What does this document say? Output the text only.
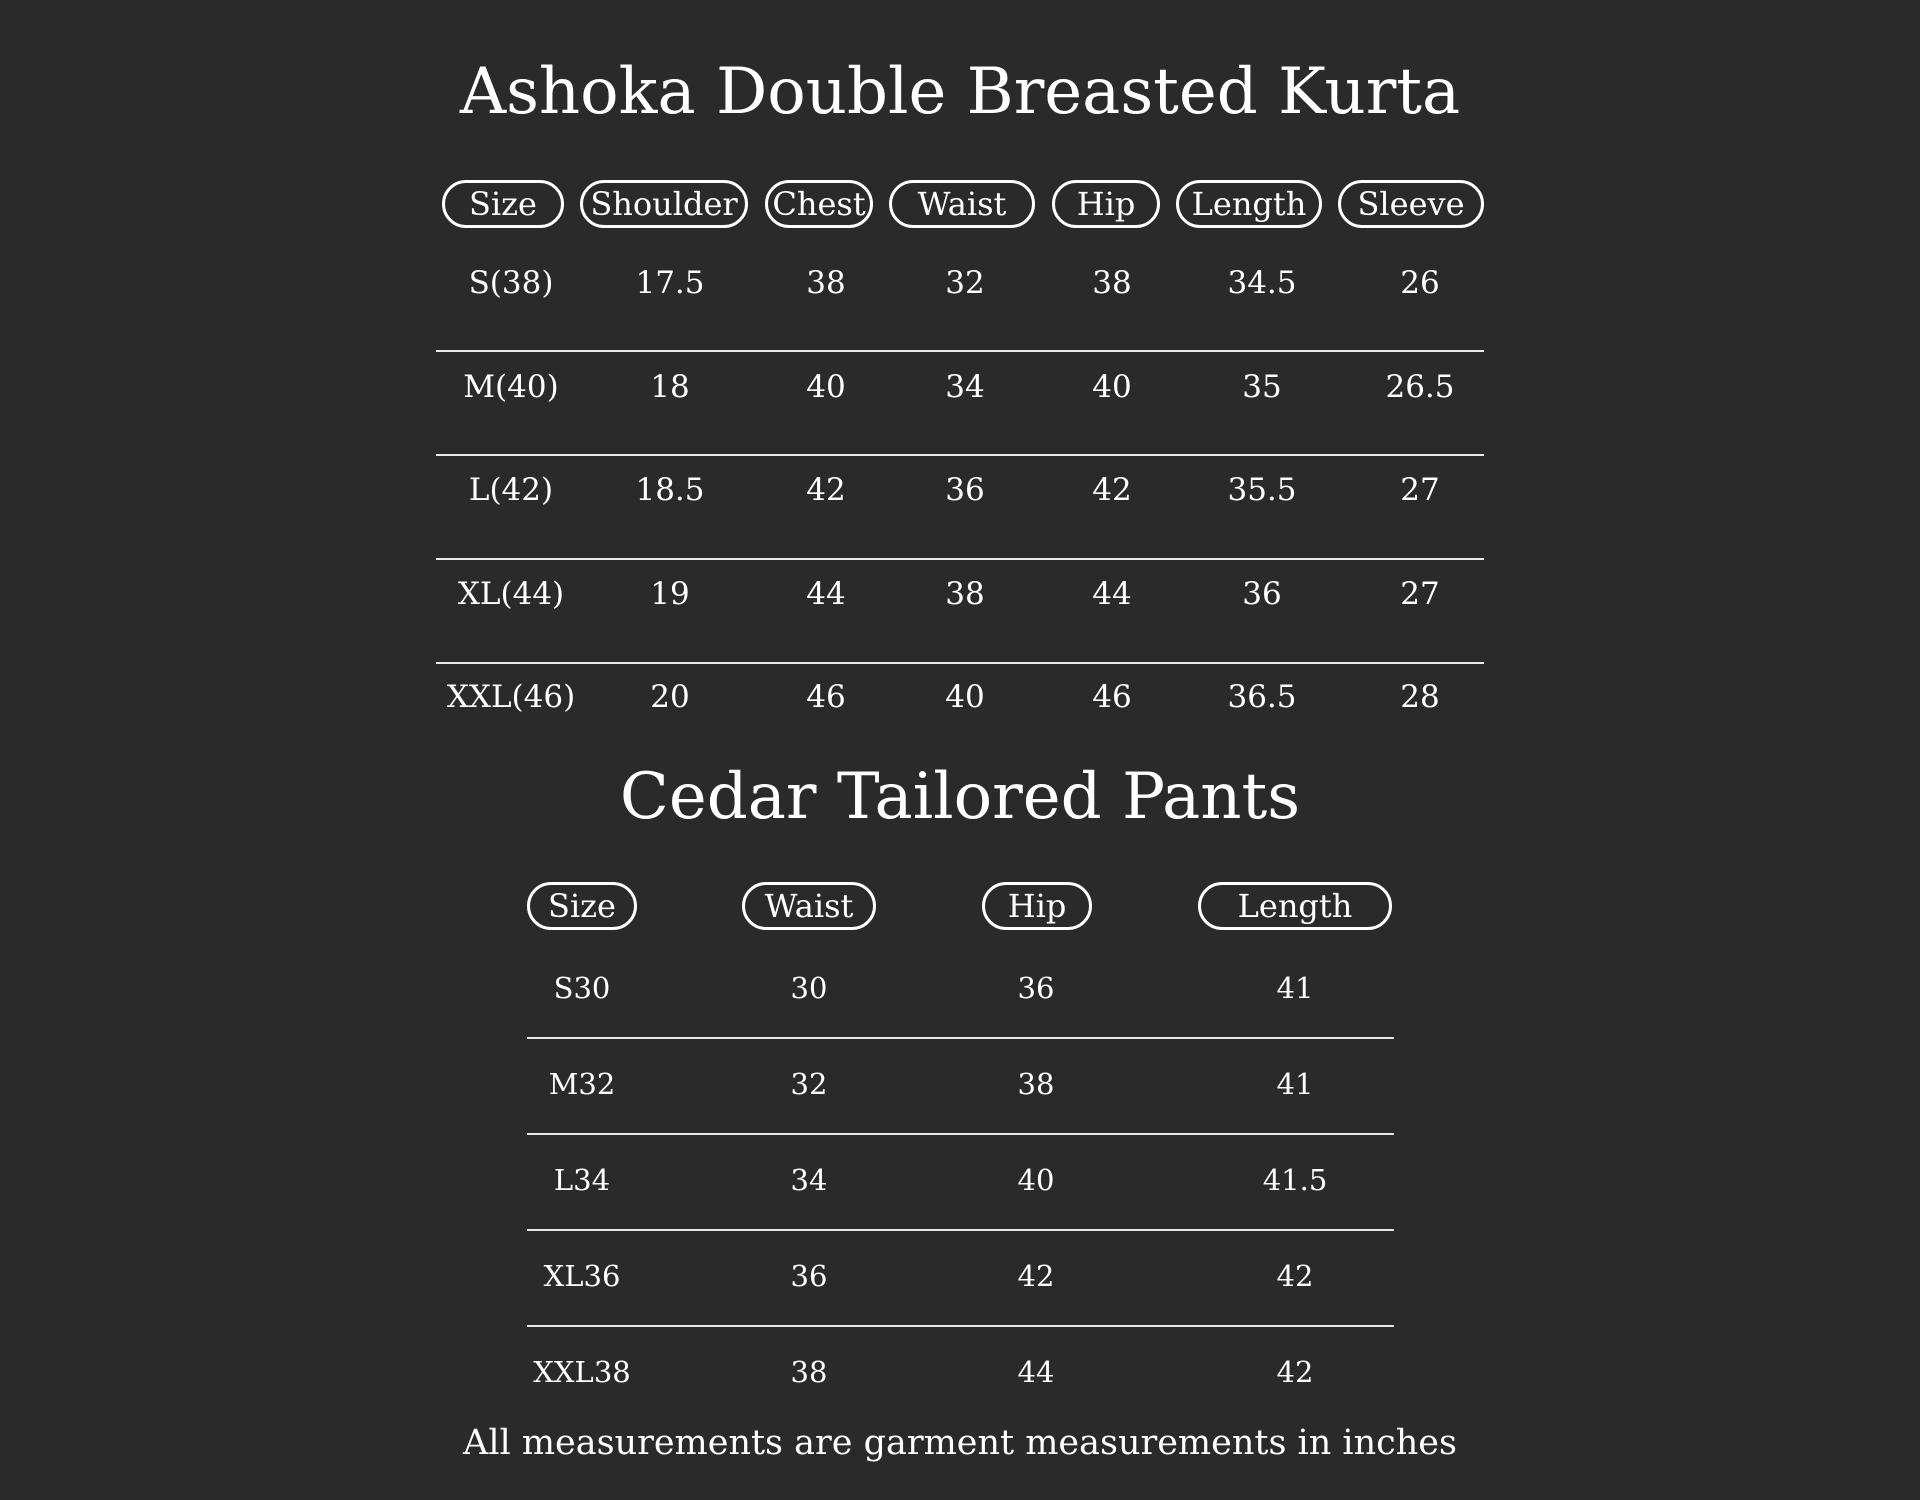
Ashoka Double Breasted Kurta
Size	Shoulder	Chest	Waist	Hip	Length	Sleeve
S(38)	17.5	38	32	38	34.5	26
M(40)	18	40	34	40	35	26.5
L(42)	18.5	42	36	42	35.5	27
XL(44)	19	44	38	44	36	27
XXL(46)	20	46	40	46	36.5	28
Cedar Tailored Pants
Size	Waist	Hip	Length
S30	30	36	41
M32	32	38	41
L34	34	40	41.5
XL36	36	42	42
XXL38	38	44	42
All measurements are garment measurements in inches
